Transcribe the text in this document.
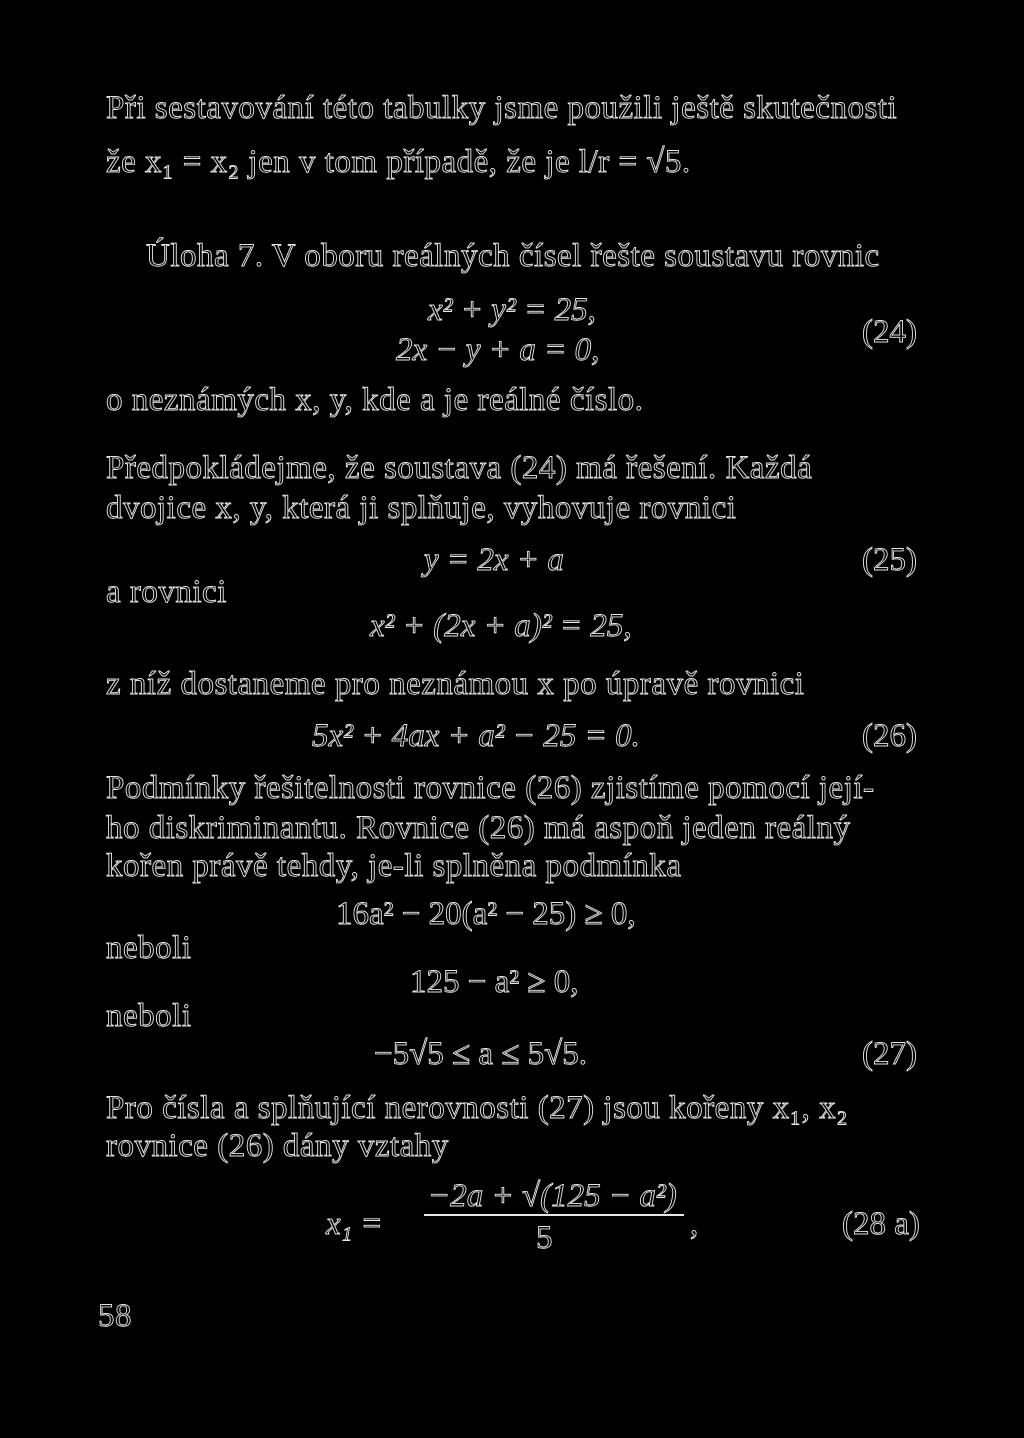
Při sestavování této tabulky jsme použili ještě skutečnosti
že x₁ = x₂ jen v tom případě, že je l/r = √5.
Úloha 7. V oboru reálných čísel řešte soustavu rovnic
x² + y² = 25,
2x − y + a = 0,	(24)
o neznámých x, y, kde a je reálné číslo.
Předpokládejme, že soustava (24) má řešení. Každá
dvojice x, y, která ji splňuje, vyhovuje rovnici
y = 2x + a	(25)
a rovnici
x² + (2x + a)² = 25,
z níž dostaneme pro neznámou x po úpravě rovnici
5x² + 4ax + a² − 25 = 0.	(26)
Podmínky řešitelnosti rovnice (26) zjistíme pomocí její-
ho diskriminantu. Rovnice (26) má aspoň jeden reálný
kořen právě tehdy, je-li splněna podmínka
16a² − 20(a² − 25) ≥ 0,
neboli
125 − a² ≥ 0,
neboli
−5√5 ≤ a ≤ 5√5.	(27)
Pro čísla a splňující nerovnosti (27) jsou kořeny x₁, x₂
rovnice (26) dány vztahy
x₁ =
−2a + √(125 − a²)
5	,	(28 a)
58
